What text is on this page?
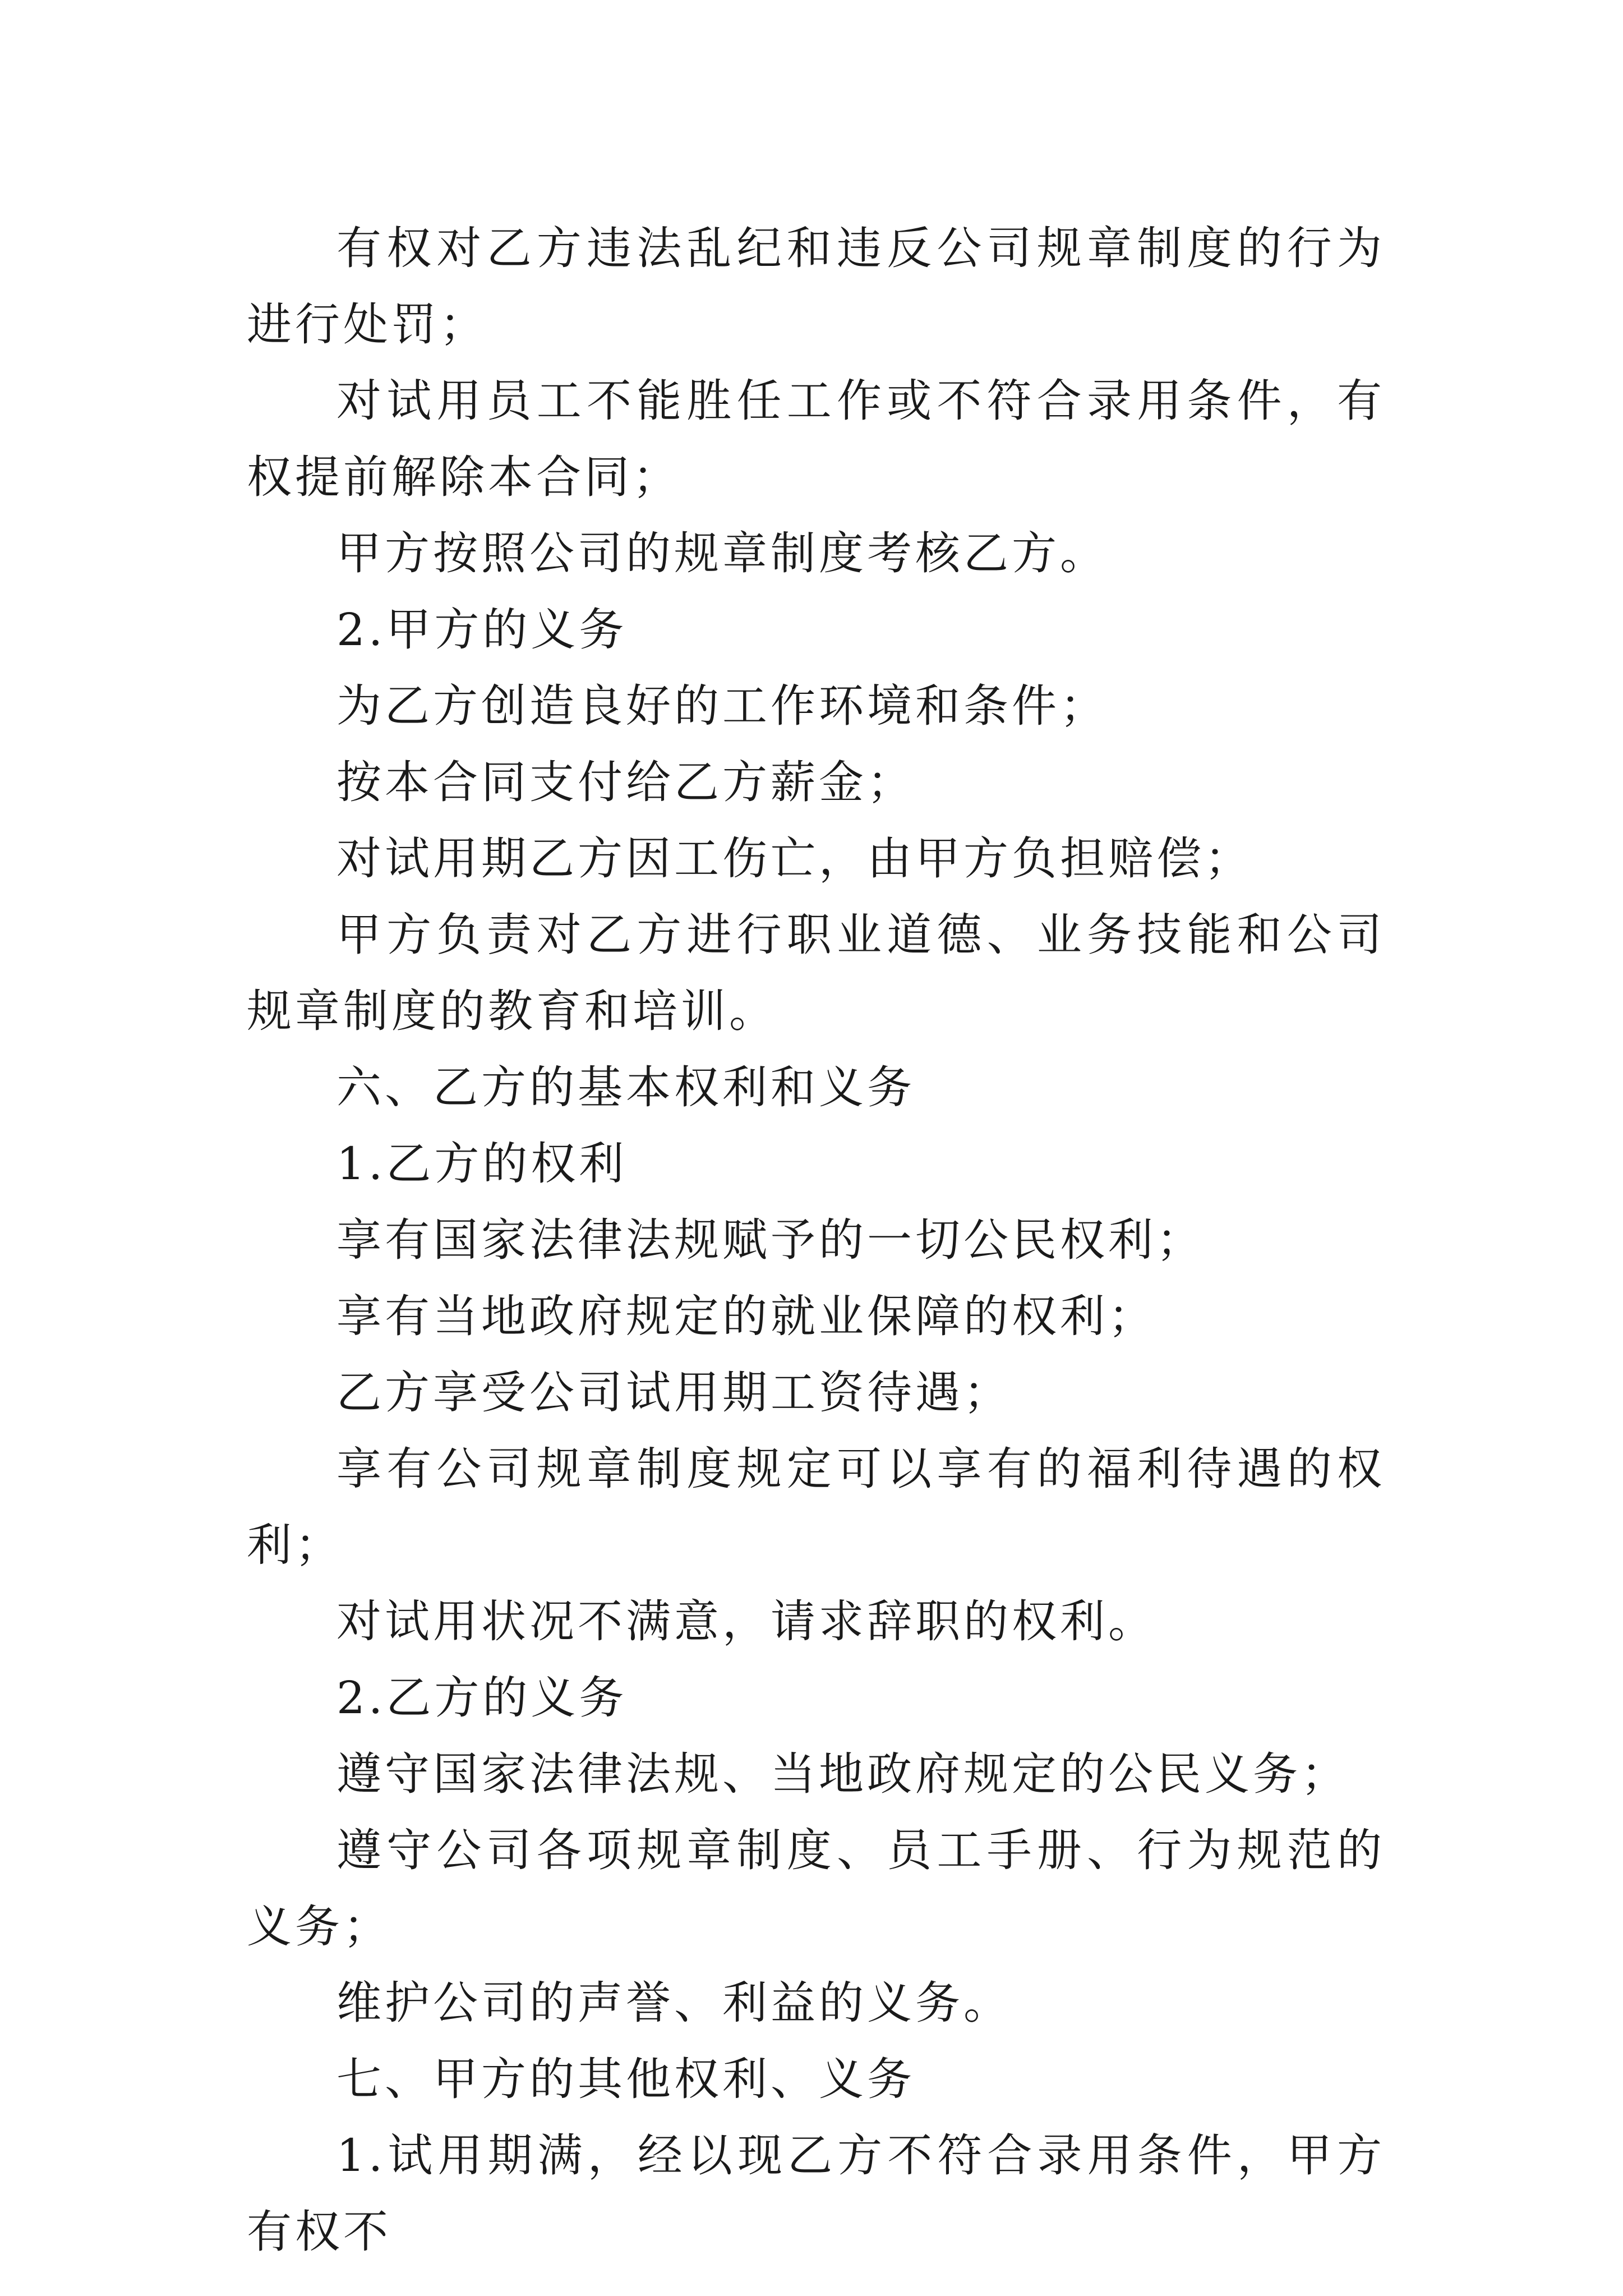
有权对乙方违法乱纪和违反公司规章制度的行为进行处罚；

对试用员工不能胜任工作或不符合录用条件，有权提前解除本合同；

甲方按照公司的规章制度考核乙方。

2.甲方的义务

为乙方创造良好的工作环境和条件；

按本合同支付给乙方薪金；

对试用期乙方因工伤亡，由甲方负担赔偿；

甲方负责对乙方进行职业道德、业务技能和公司规章制度的教育和培训。

六、乙方的基本权利和义务

1.乙方的权利

享有国家法律法规赋予的一切公民权利；

享有当地政府规定的就业保障的权利；

乙方享受公司试用期工资待遇；

享有公司规章制度规定可以享有的福利待遇的权利；

对试用状况不满意，请求辞职的权利。

2.乙方的义务

遵守国家法律法规、当地政府规定的公民义务；

遵守公司各项规章制度、员工手册、行为规范的义务；

维护公司的声誉、利益的义务。

七、甲方的其他权利、义务

1.试用期满，经以现乙方不符合录用条件，甲方有权不
